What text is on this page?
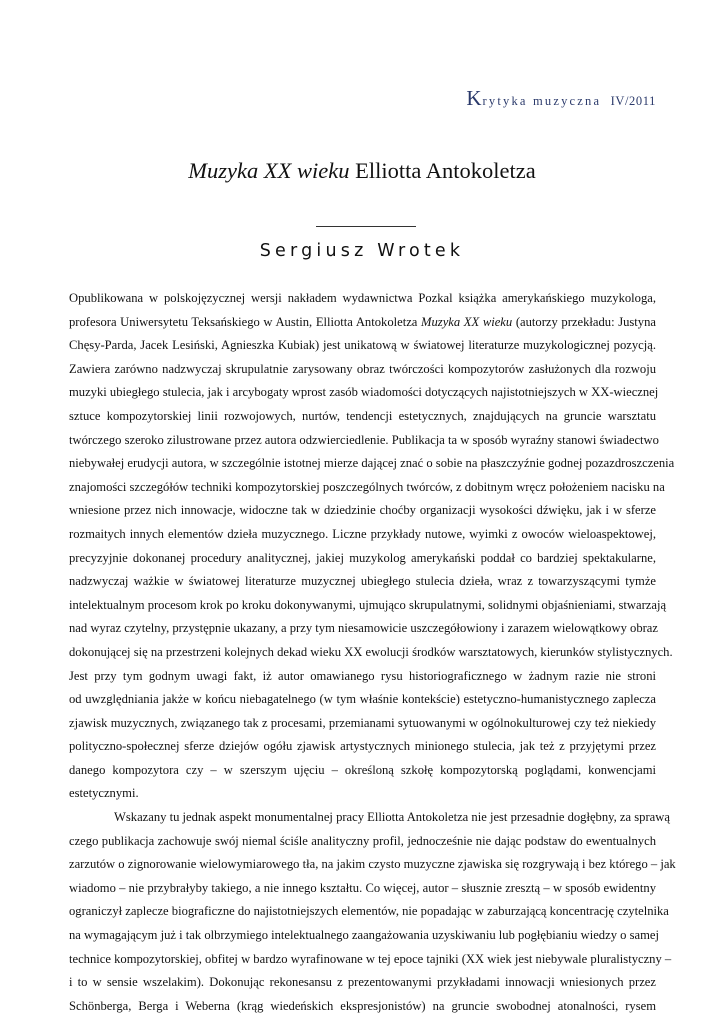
Krytyka muzyczna IV/2011
Muzyka XX wieku Elliotta Antokoletza
Sergiusz Wrotek
Opublikowana w polskojęzycznej wersji nakładem wydawnictwa Pozkal książka amerykańskiego muzykologa,
profesora Uniwersytetu Teksańskiego w Austin, Elliotta Antokoletza Muzyka XX wieku (autorzy przekładu: Justyna
Chęsy-Parda, Jacek Lesiński, Agnieszka Kubiak) jest unikatową w światowej literaturze muzykologicznej pozycją.
Zawiera zarówno nadzwyczaj skrupulatnie zarysowany obraz twórczości kompozytorów zasłużonych dla rozwoju
muzyki ubiegłego stulecia, jak i arcybogaty wprost zasób wiadomości dotyczących najistotniejszych w XX-wiecznej
sztuce kompozytorskiej linii rozwojowych, nurtów, tendencji estetycznych, znajdujących na gruncie warsztatu
twórczego szeroko zilustrowane przez autora odzwierciedlenie. Publikacja ta w sposób wyraźny stanowi świadectwo
niebywałej erudycji autora, w szczególnie istotnej mierze dającej znać o sobie na płaszczyźnie godnej pozazdroszczenia
znajomości szczegółów techniki kompozytorskiej poszczególnych twórców, z dobitnym wręcz położeniem nacisku na
wniesione przez nich innowacje, widoczne tak w dziedzinie choćby organizacji wysokości dźwięku, jak i w sferze
rozmaitych innych elementów dzieła muzycznego. Liczne przykłady nutowe, wyimki z owoców wieloaspektowej,
precyzyjnie dokonanej procedury analitycznej, jakiej muzykolog amerykański poddał co bardziej spektakularne,
nadzwyczaj ważkie w światowej literaturze muzycznej ubiegłego stulecia dzieła, wraz z towarzyszącymi tymże
intelektualnym procesom krok po kroku dokonywanymi, ujmująco skrupulatnymi, solidnymi objaśnieniami, stwarzają
nad wyraz czytelny, przystępnie ukazany, a przy tym niesamowicie uszczegółowiony i zarazem wielowątkowy obraz
dokonującej się na przestrzeni kolejnych dekad wieku XX ewolucji środków warsztatowych, kierunków stylistycznych.
Jest przy tym godnym uwagi fakt, iż autor omawianego rysu historiograficznego w żadnym razie nie stroni
od uwzględniania jakże w końcu niebagatelnego (w tym właśnie kontekście) estetyczno-humanistycznego zaplecza
zjawisk muzycznych, związanego tak z procesami, przemianami sytuowanymi w ogólnokulturowej czy też niekiedy
polityczno-społecznej sferze dziejów ogółu zjawisk artystycznych minionego stulecia, jak też z przyjętymi przez
danego kompozytora czy – w szerszym ujęciu – określoną szkołę kompozytorską poglądami, konwencjami
estetycznymi.
Wskazany tu jednak aspekt monumentalnej pracy Elliotta Antokoletza nie jest przesadnie dogłębny, za sprawą
czego publikacja zachowuje swój niemal ściśle analityczny profil, jednocześnie nie dając podstaw do ewentualnych
zarzutów o zignorowanie wielowymiarowego tła, na jakim czysto muzyczne zjawiska się rozgrywają i bez którego – jak
wiadomo – nie przybrałyby takiego, a nie innego kształtu. Co więcej, autor – słusznie zresztą – w sposób ewidentny
ograniczył zaplecze biograficzne do najistotniejszych elementów, nie popadając w zaburzającą koncentrację czytelnika
na wymagającym już i tak olbrzymiego intelektualnego zaangażowania uzyskiwaniu lub pogłębianiu wiedzy o samej
technice kompozytorskiej, obfitej w bardzo wyrafinowane w tej epoce tajniki (XX wiek jest niebywale pluralistyczny –
i to w sensie wszelakim). Dokonując rekonesansu z prezentowanymi przykładami innowacji wniesionych przez
Schönberga, Berga i Weberna (krąg wiedeńskich ekspresjonistów) na gruncie swobodnej atonalności, rysem
